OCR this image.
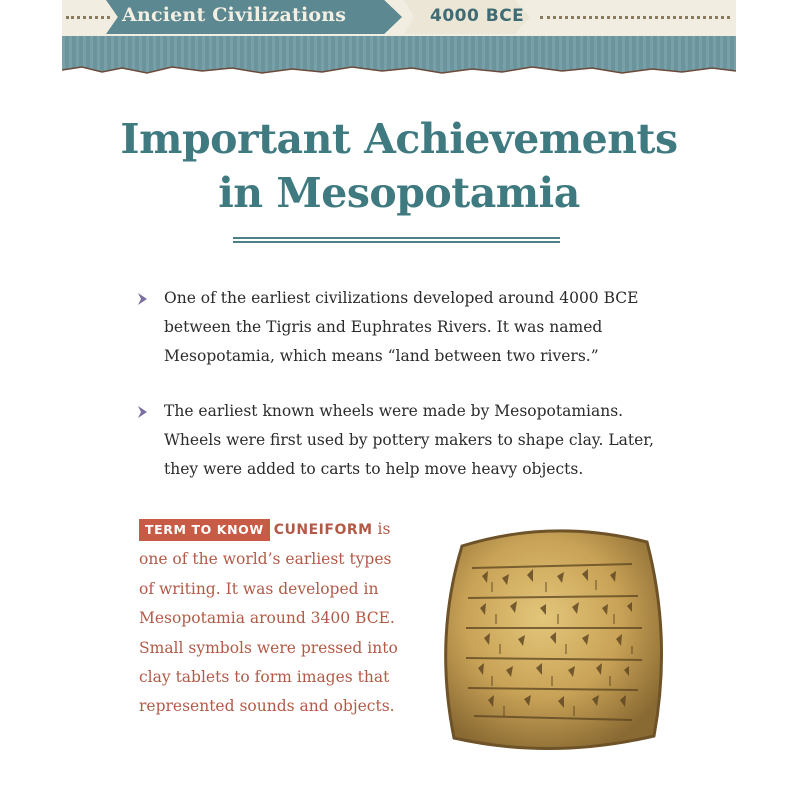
Ancient Civilizations	4000 BCE
Important Achievements
in Mesopotamia
One of the earliest civilizations developed around 4000 BCE
between the Tigris and Euphrates Rivers. It was named
Mesopotamia, which means “land between two rivers.”
The earliest known wheels were made by Mesopotamians.
Wheels were first used by pottery makers to shape clay. Later,
they were added to carts to help move heavy objects.
TERM TO KNOW CUNEIFORM is
one of the world’s earliest types
of writing. It was developed in
Mesopotamia around 3400 BCE.
Small symbols were pressed into
clay tablets to form images that
represented sounds and objects.
